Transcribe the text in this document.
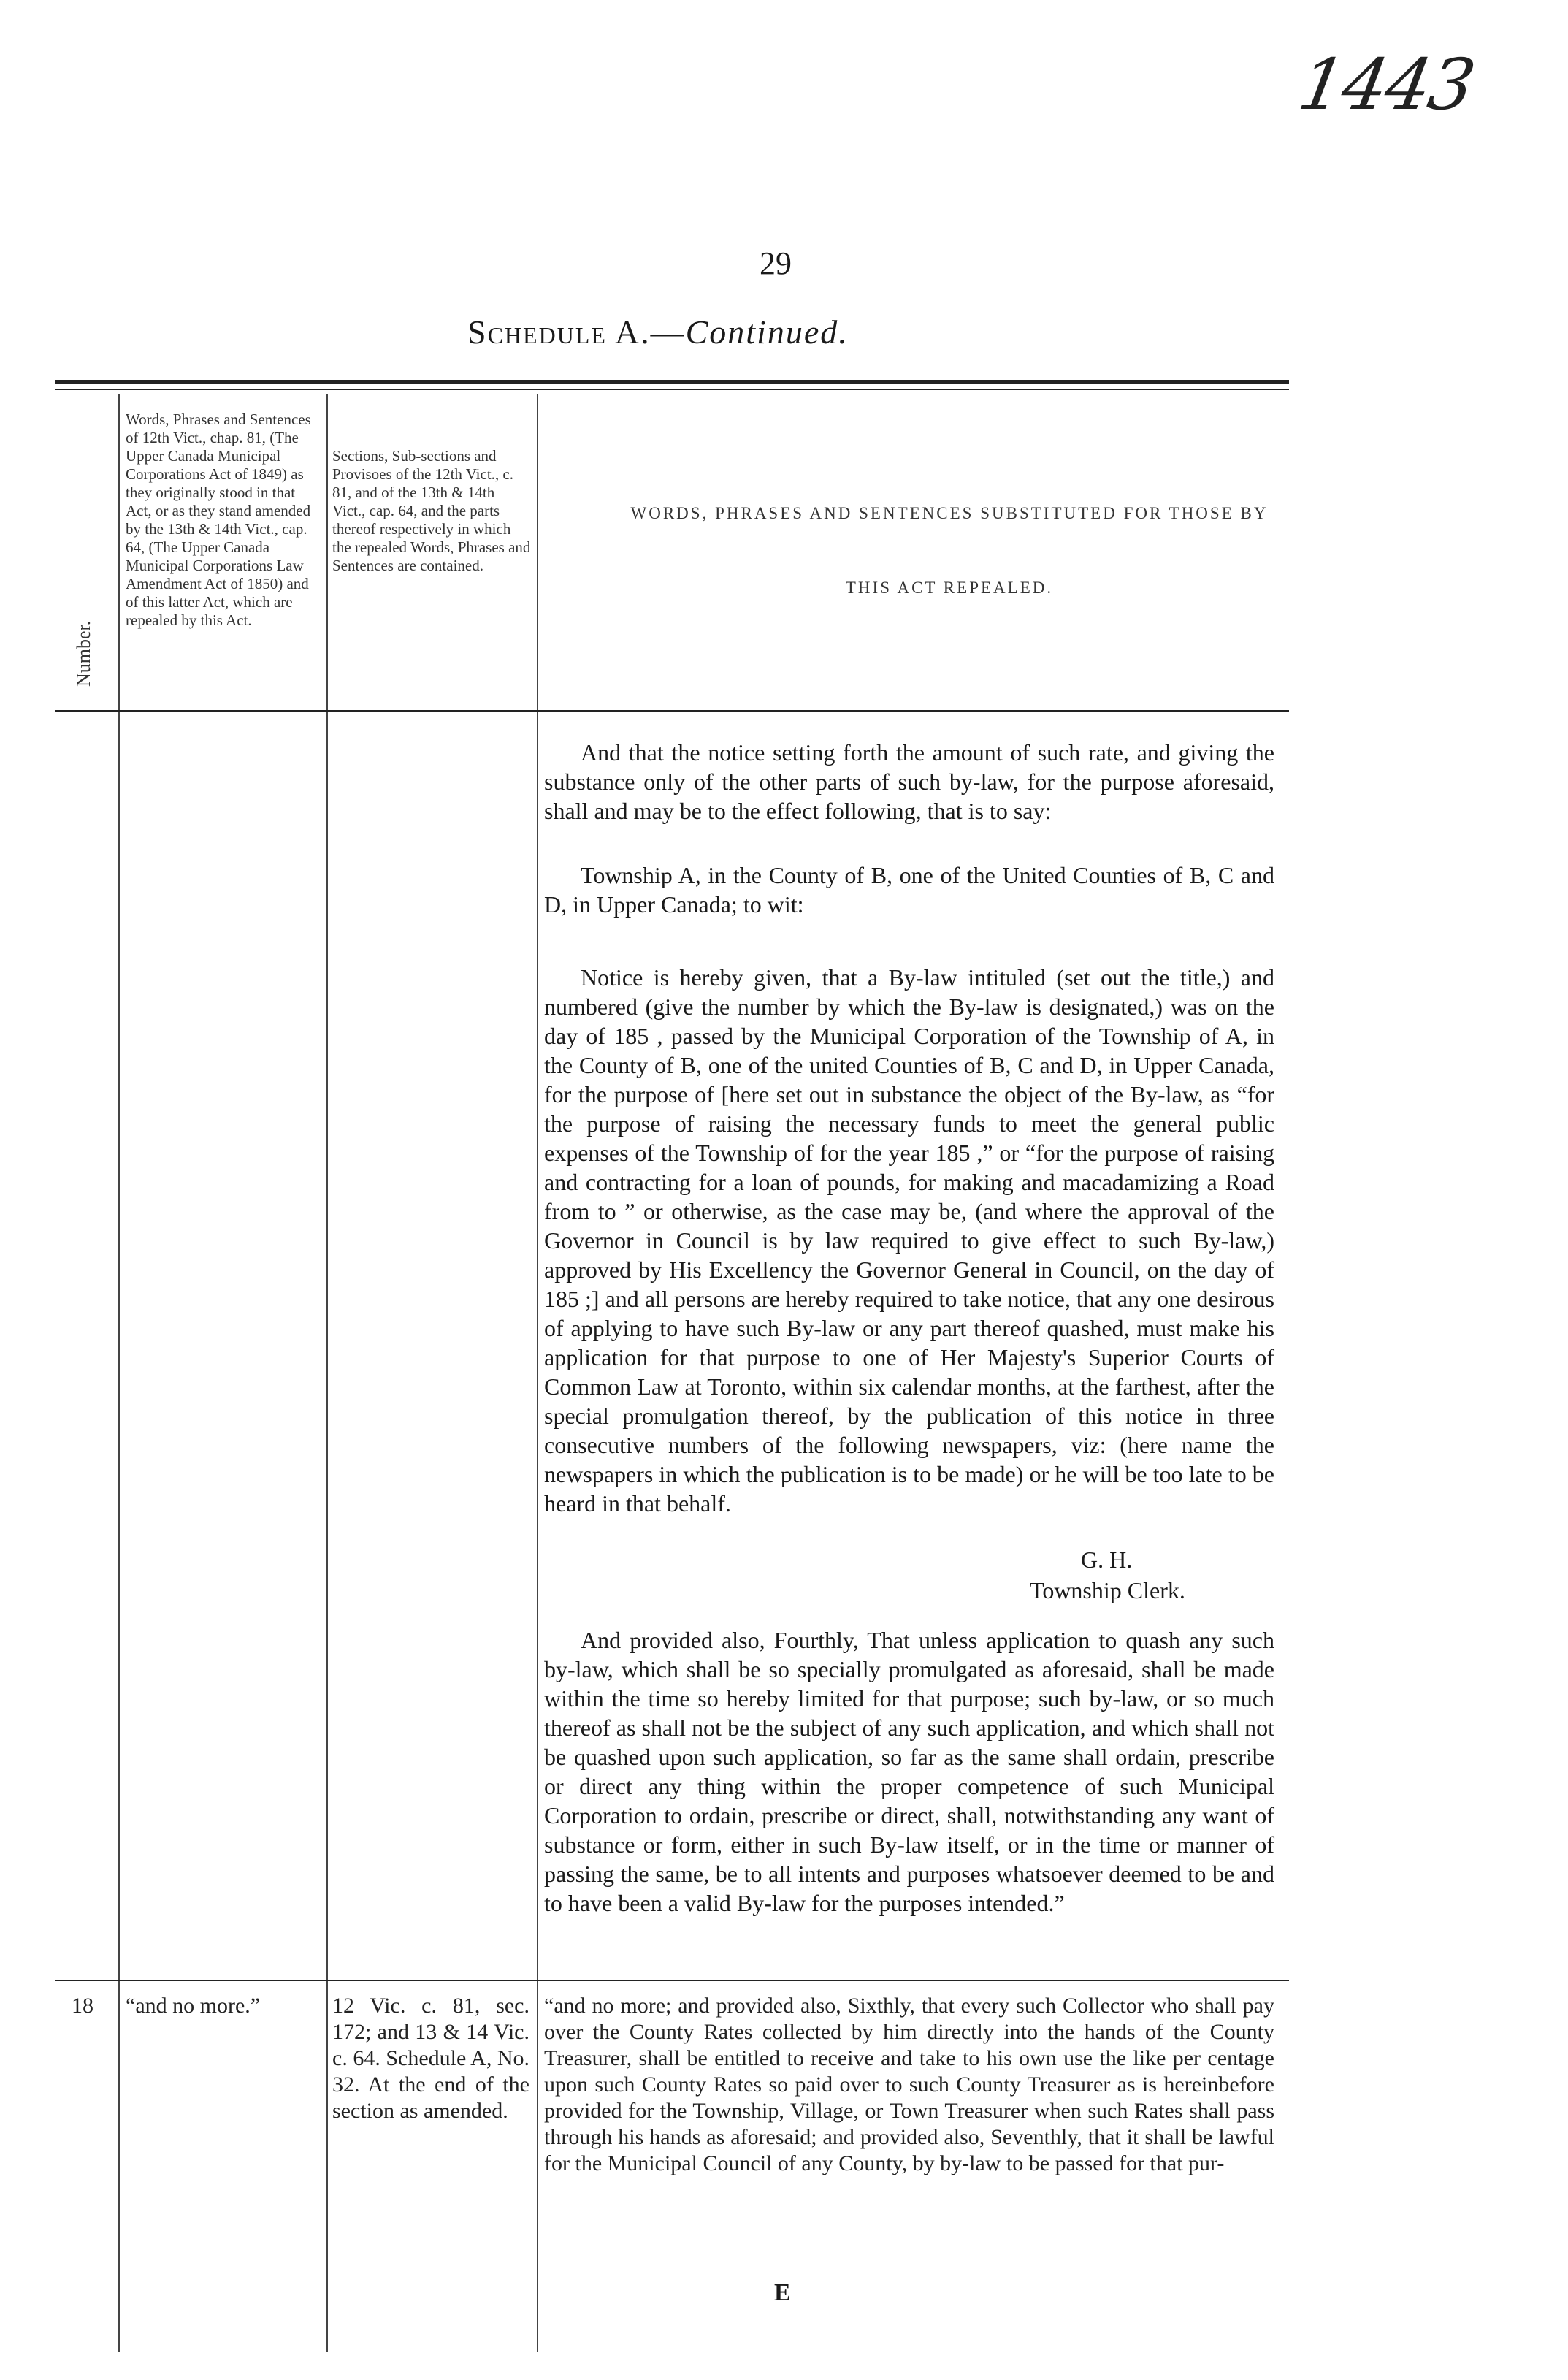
1443
29
Schedule A.—Continued.
Number.
Words, Phrases and Sentences of 12th Vict., chap. 81, (The Upper Canada Municipal Corporations Act of 1849) as they originally stood in that Act, or as they stand amended by the 13th & 14th Vict., cap. 64, (The Upper Canada Municipal Corporations Law Amendment Act of 1850) and of this latter Act, which are repealed by this Act.
Sections, Sub-sections and Provisoes of the 12th Vict., c. 81, and of the 13th & 14th Vict., cap. 64, and the parts thereof respectively in which the repealed Words, Phrases and Sentences are contained.
WORDS, PHRASES AND SENTENCES SUBSTITUTED FOR THOSE BY
THIS ACT REPEALED.

And that the notice setting forth the amount of such rate, and giving the substance only of the other parts of such by-law, for the purpose aforesaid, shall and may be to the effect following, that is to say:

Township A, in the County of B, one of the United Counties of B, C and D, in Upper Canada; to wit:

Notice is hereby given, that a By-law intituled (set out the title,) and numbered (give the number by which the By-law is designated,) was on the day of 185 , passed by the Municipal Corporation of the Township of A, in the County of B, one of the united Counties of B, C and D, in Upper Canada, for the purpose of [here set out in substance the object of the By-law, as “for the purpose of raising the necessary funds to meet the general public expenses of the Township of for the year 185 ,” or “for the purpose of raising and contracting for a loan of pounds, for making and macadamizing a Road from to ” or otherwise, as the case may be, (and where the approval of the Governor in Council is by law required to give effect to such By-law,) approved by His Excellency the Governor General in Council, on the day of 185 ;] and all persons are hereby required to take notice, that any one desirous of applying to have such By-law or any part thereof quashed, must make his application for that purpose to one of Her Majesty's Superior Courts of Common Law at Toronto, within six calendar months, at the farthest, after the special promulgation thereof, by the publication of this notice in three consecutive numbers of the following newspapers, viz: (here name the newspapers in which the publication is to be made) or he will be too late to be heard in that behalf.

G. H.
Township Clerk.

And provided also, Fourthly, That unless application to quash any such by-law, which shall be so specially promulgated as aforesaid, shall be made within the time so hereby limited for that purpose; such by-law, or so much thereof as shall not be the subject of any such application, and which shall not be quashed upon such application, so far as the same shall ordain, prescribe or direct any thing within the proper competence of such Municipal Corporation to ordain, prescribe or direct, shall, notwithstanding any want of substance or form, either in such By-law itself, or in the time or manner of passing the same, be to all intents and purposes whatsoever deemed to be and to have been a valid By-law for the purposes intended.”

18 “and no more.”	12 Vic. c. 81, sec. 172; and 13 & 14 Vic. c. 64. Schedule A, No. 32. At the end of the section as amended.
“and no more; and provided also, Sixthly, that every such Collector who shall pay over the County Rates collected by him directly into the hands of the County Treasurer, shall be entitled to receive and take to his own use the like per centage upon such County Rates so paid over to such County Treasurer as is hereinbefore provided for the Township, Village, or Town Treasurer when such Rates shall pass through his hands as aforesaid; and provided also, Seventhly, that it shall be lawful for the Municipal Council of any County, by by-law to be passed for that pur-
E
